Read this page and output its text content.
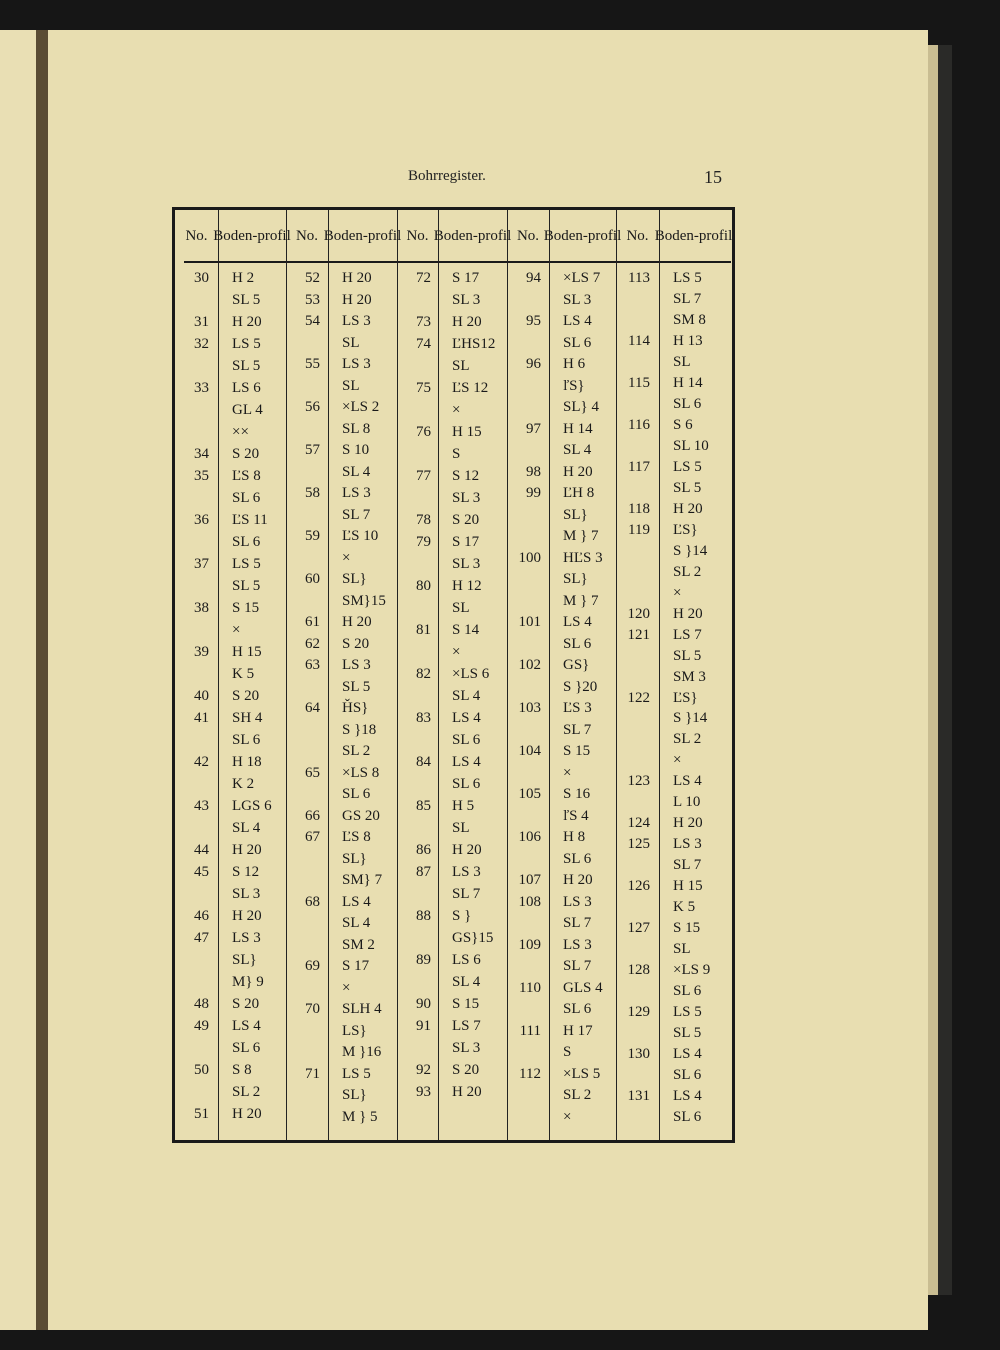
Bohrregister.	15
30 H 2
SL 5
31 H 20
32 LS 5
SL 5
33 LS 6
GL 4
××
34 S 20
35 ĽS 8
SL 6
36 ĽS 11
SL 6
37 LS 5
SL 5
38 S 15
×
39 H 15
K 5
40 S 20
41 SH 4
SL 6
42 H 18
K 2
43 LGS 6
SL 4
44 H 20
45 S 12
SL 3
46 H 20
47 LS 3
SL}
M} 9
48 S 20
49 LS 4
SL 6
50 S 8
SL 2
51 H 20
52 H 20
53 H 20
54 LS 3
SL
55 LS 3
SL
56 ×LS 2
SL 8
57 S 10
SL 4
58 LS 3
SL 7
59 ĽS 10
×
60 SL}
SM}15
61 H 20
62 S 20
63 LS 3
SL 5
64 ȞS}
S }18
SL 2
65 ×LS 8
SL 6
66 GS 20
67 ĽS 8
SL}
SM} 7
68 LS 4
SL 4
SM 2
69 S 17
×
70 SLH 4
LS}
M }16
71 LS 5
SL}
M } 5
72 S 17
SL 3
73 H 20
74 ĽHS12
SL
75 ĽS 12
×
76 H 15
S
77 S 12
SL 3
78 S 20
79 S 17
SL 3
80 H 12
SL
81 S 14
×
82 ×LS 6
SL 4
83 LS 4
SL 6
84 LS 4
SL 6
85 H 5
SL
86 H 20
87 LS 3
SL 7
88 S }
GS}15
89 LS 6
SL 4
90 S 15
91 LS 7
SL 3
92 S 20
93 H 20
94 ×LS 7
SL 3
95 LS 4
SL 6
96 H 6
ľS}
SL} 4
97 H 14
SL 4
98 H 20
99 ĽH 8
SL}
M } 7
100 HĽS 3
SL}
M } 7
101 LS 4
SL 6
102 GS}
S }20
103 ĽS 3
SL 7
104 S 15
×
105 S 16
ľS 4
106 H 8
SL 6
107 H 20
108 LS 3
SL 7
109 LS 3
SL 7
110 GLS 4
SL 6
111 H 17
S
112 ×LS 5
SL 2
×
113 LS 5
SL 7
SM 8
114 H 13
SL
115 H 14
SL 6
116 S 6
SL 10
117 LS 5
SL 5
118 H 20
119 ĽS}
S }14
SL 2
×
120 H 20
121 LS 7
SL 5
SM 3
122 ĽS}
S }14
SL 2
×
123 LS 4
L 10
124 H 20
125 LS 3
SL 7
126 H 15
K 5
127 S 15
SL
128 ×LS 9
SL 6
129 LS 5
SL 5
130 LS 4
SL 6
131 LS 4
SL 6
No. Boden- profil No. Boden- profil No. Boden- profil No. Boden- profil No. Boden- profil
